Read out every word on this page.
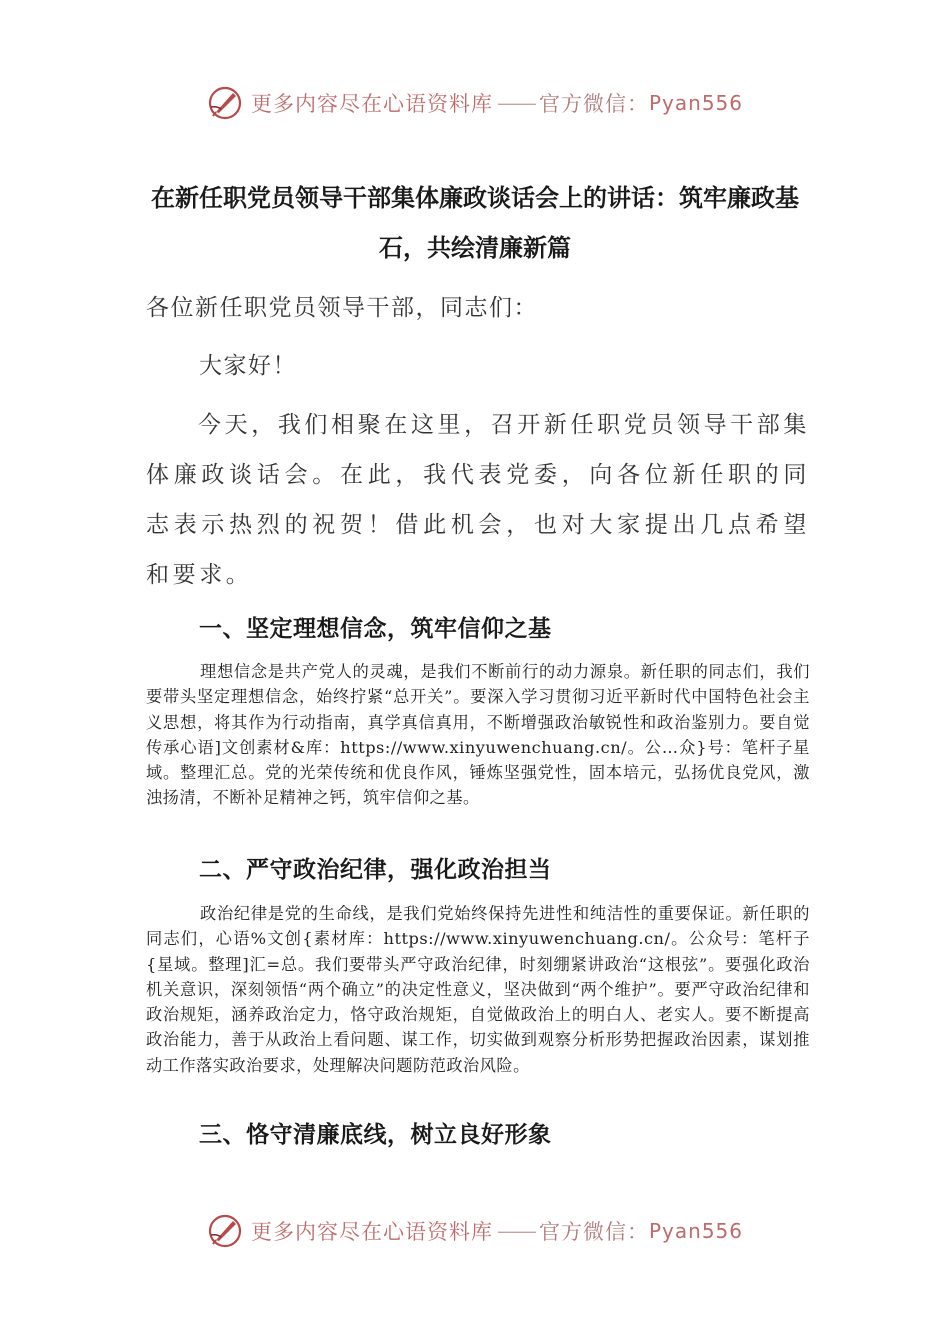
更多内容尽在心语资料库 —— 官方微信： Pyan556
在新任职党员领导干部集体廉政谈话会上的讲话：筑牢廉政基石，共绘清廉新篇
各位新任职党员领导干部，同志们：
大家好！
今天，我们相聚在这里，召开新任职党员领导干部集体廉政谈话会。在此，我代表党委，向各位新任职的同志表示热烈的祝贺！借此机会，也对大家提出几点希望和要求。
一、坚定理想信念，筑牢信仰之基
理想信念是共产党人的灵魂，是我们不断前行的动力源泉。新任职的同志们，我们要带头坚定理想信念，始终拧紧“总开关”。要深入学习贯彻习近平新时代中国特色社会主义思想，将其作为行动指南，真学真信真用，不断增强政治敏锐性和政治鉴别力。要自觉传承心语]文创素材&库：https://www.xinyuwenchuang.cn/。公…众}号：笔杆子星域。整理汇总。党的光荣传统和优良作风，锤炼坚强党性，固本培元，弘扬优良党风，激浊扬清，不断补足精神之钙，筑牢信仰之基。
二、严守政治纪律，强化政治担当
政治纪律是党的生命线，是我们党始终保持先进性和纯洁性的重要保证。新任职的同志们，心语%文创{素材库：https://www.xinyuwenchuang.cn/。公众号：笔杆子{星域。整理]汇=总。我们要带头严守政治纪律，时刻绷紧讲政治“这根弦”。要强化政治机关意识，深刻领悟“两个确立”的决定性意义，坚决做到“两个维护”。要严守政治纪律和政治规矩，涵养政治定力，恪守政治规矩，自觉做政治上的明白人、老实人。要不断提高政治能力，善于从政治上看问题、谋工作，切实做到观察分析形势把握政治因素，谋划推动工作落实政治要求，处理解决问题防范政治风险。
三、恪守清廉底线，树立良好形象
更多内容尽在心语资料库 —— 官方微信： Pyan556
